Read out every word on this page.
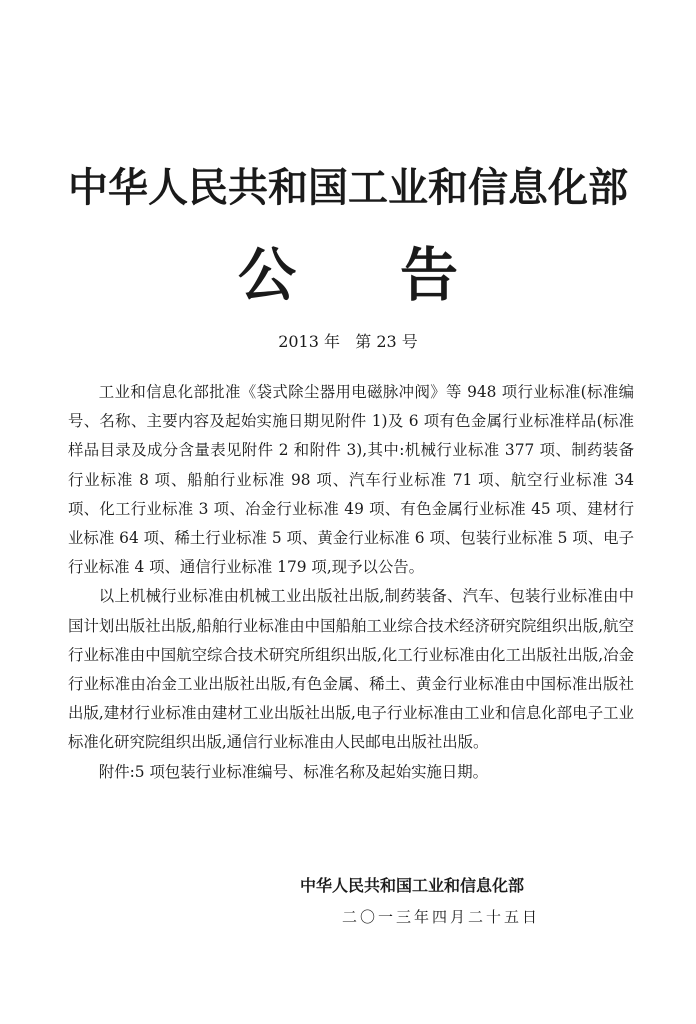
中华人民共和国工业和信息化部
公 告
2013 年   第 23 号

工业和信息化部批准《袋式除尘器用电磁脉冲阀》等 948 项行业标准(标准编号、名称、主要内容及起始实施日期见附件 1)及 6 项有色金属行业标准样品(标准样品目录及成分含量表见附件 2 和附件 3),其中:机械行业标准 377 项、制药装备行业标准 8 项、船舶行业标准 98 项、汽车行业标准 71 项、航空行业标准 34 项、化工行业标准 3 项、冶金行业标准 49 项、有色金属行业标准 45 项、建材行业标准 64 项、稀土行业标准 5 项、黄金行业标准 6 项、包装行业标准 5 项、电子行业标准 4 项、通信行业标准 179 项,现予以公告。

以上机械行业标准由机械工业出版社出版,制药装备、汽车、包装行业标准由中国计划出版社出版,船舶行业标准由中国船舶工业综合技术经济研究院组织出版,航空行业标准由中国航空综合技术研究所组织出版,化工行业标准由化工出版社出版,冶金行业标准由冶金工业出版社出版,有色金属、稀土、黄金行业标准由中国标准出版社出版,建材行业标准由建材工业出版社出版,电子行业标准由工业和信息化部电子工业标准化研究院组织出版,通信行业标准由人民邮电出版社出版。

附件:5 项包装行业标准编号、标准名称及起始实施日期。

中华人民共和国工业和信息化部
二〇一三年四月二十五日
